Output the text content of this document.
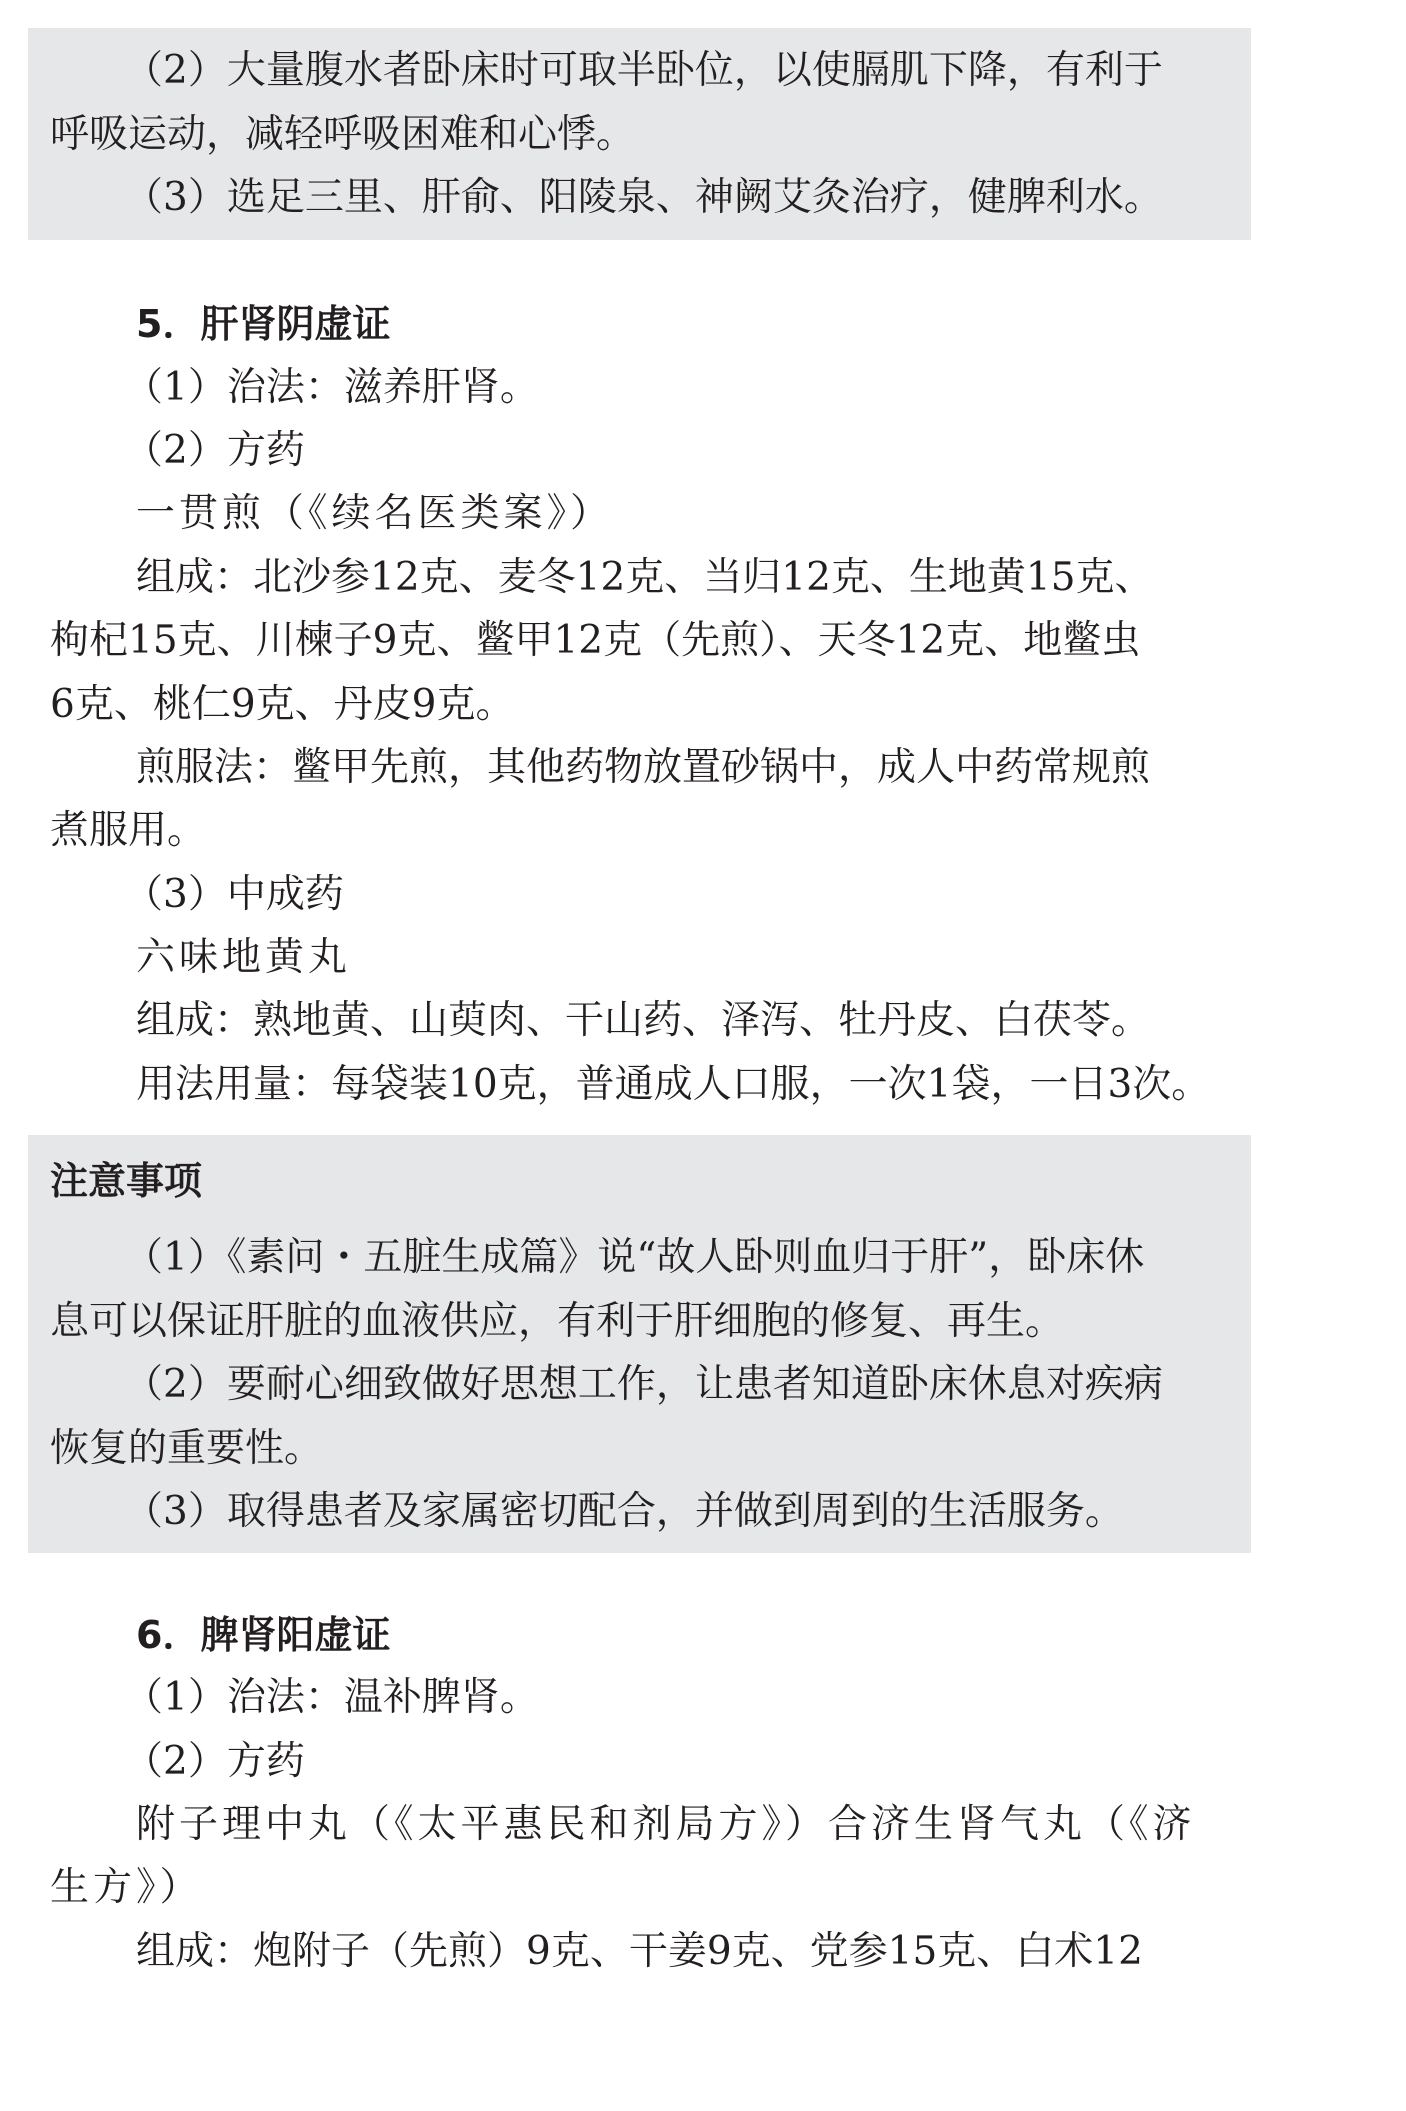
（2）大量腹水者卧床时可取半卧位，以使膈肌下降，有利于
呼吸运动，减轻呼吸困难和心悸。
（3）选足三里、肝俞、阳陵泉、神阙艾灸治疗，健脾利水。
5．肝肾阴虚证
（1）治法：滋养肝肾。
（2）方药
一贯煎（《续名医类案》）
组成：北沙参12克、麦冬12克、当归12克、生地黄15克、
枸杞15克、川楝子9克、鳖甲12克（先煎）、天冬12克、地鳖虫
6克、桃仁9克、丹皮9克。
煎服法：鳖甲先煎，其他药物放置砂锅中，成人中药常规煎
煮服用。
（3）中成药
六味地黄丸
组成：熟地黄、山萸肉、干山药、泽泻、牡丹皮、白茯苓。
用法用量：每袋装10克，普通成人口服，一次1袋，一日3次。
注意事项
（1）《素问・五脏生成篇》说“故人卧则血归于肝”，卧床休
息可以保证肝脏的血液供应，有利于肝细胞的修复、再生。
（2）要耐心细致做好思想工作，让患者知道卧床休息对疾病
恢复的重要性。
（3）取得患者及家属密切配合，并做到周到的生活服务。
6．脾肾阳虚证
（1）治法：温补脾肾。
（2）方药
附子理中丸（《太平惠民和剂局方》）合济生肾气丸（《济
生方》）
组成：炮附子（先煎）9克、干姜9克、党参15克、白术12
